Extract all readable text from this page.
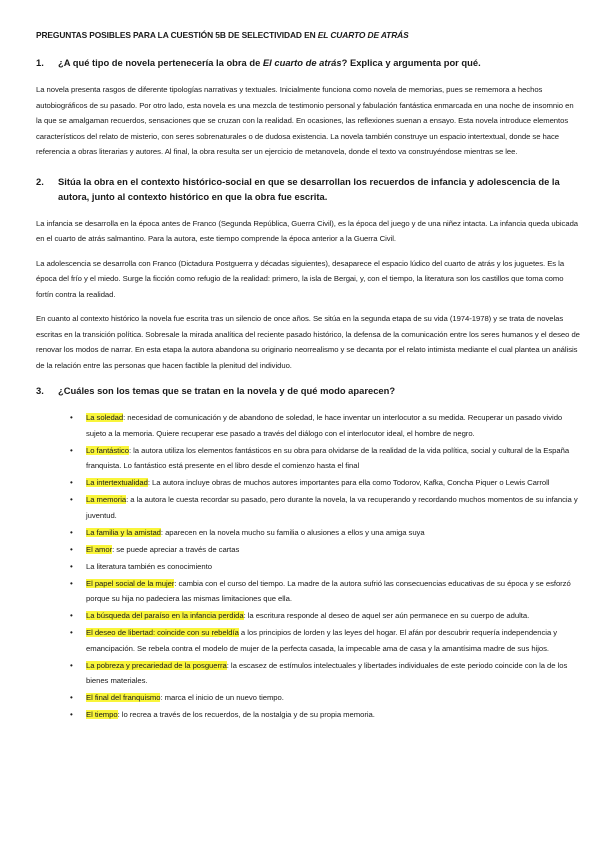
PREGUNTAS POSIBLES PARA LA CUESTIÓN 5B DE SELECTIVIDAD EN EL CUARTO DE ATRÁS
1.	¿A qué tipo de novela pertenecería la obra de El cuarto de atrás? Explica y argumenta por qué.

La novela presenta rasgos de diferente tipologías narrativas y textuales. Inicialmente funciona como novela de memorias, pues se rememora a hechos autobiográficos de su pasado. Por otro lado, esta novela es una mezcla de testimonio personal y fabulación fantástica enmarcada en una noche de insomnio en la que se amalgaman recuerdos, sensaciones que se cruzan con la realidad. En ocasiones, las reflexiones suenan a ensayo. Esta novela introduce elementos característicos del relato de misterio, con seres sobrenaturales o de dudosa existencia. La novela también construye un espacio intertextual, donde se hace referencia a obras literarias y autores. Al final, la obra resulta ser un ejercicio de metanovela, donde el texto va construyéndose mientras se lee.

2.	Sitúa la obra en el contexto histórico-social en que se desarrollan los recuerdos de infancia y adolescencia de la autora, junto al contexto histórico en que la obra fue escrita.

La infancia se desarrolla en la época antes de Franco (Segunda República, Guerra Civil), es la época del juego y de una niñez intacta. La infancia queda ubicada en el cuarto de atrás salmantino. Para la autora, este tiempo comprende la época anterior a la Guerra Civil.

La adolescencia se desarrolla con Franco (Dictadura Postguerra y décadas siguientes), desaparece el espacio lúdico del cuarto de atrás y los juguetes. Es la época del frío y el miedo. Surge la ficción como refugio de la realidad: primero, la isla de Bergai, y, con el tiempo, la literatura son los castillos que toma como fortín contra la realidad.

En cuanto al contexto histórico la novela fue escrita tras un silencio de once años. Se sitúa en la segunda etapa de su vida (1974-1978) y se trata de novelas escritas en la transición política. Sobresale la mirada analítica del reciente pasado histórico, la defensa de la comunicación entre los seres humanos y el deseo de renovar los modos de narrar. En esta etapa la autora abandona su originario neorrealismo y se decanta por el relato intimista mediante el cual plantea un análisis de la relación entre las personas que hacen factible la plenitud del individuo.

3.	¿Cuáles son los temas que se tratan en la novela y de qué modo aparecen?
• La soledad: necesidad de comunicación y de abandono de soledad, le hace inventar un interlocutor a su medida. Recuperar un pasado vivido sujeto a la memoria. Quiere recuperar ese pasado a través del diálogo con el interlocutor ideal, el hombre de negro.
• Lo fantástico: la autora utiliza los elementos fantásticos en su obra para olvidarse de la realidad de la vida política, social y cultural de la España franquista. Lo fantástico está presente en el libro desde el comienzo hasta el final
• La intertextualidad: La autora incluye obras de muchos autores importantes para ella como Todorov, Kafka, Concha Piquer o Lewis Carroll
• La memoria: a la autora le cuesta recordar su pasado, pero durante la novela, la va recuperando y recordando muchos momentos de su infancia y juventud.
• La familia y la amistad: aparecen en la novela mucho su familia o alusiones a ellos y una amiga suya
• El amor: se puede apreciar a través de cartas
• La literatura también es conocimiento
• El papel social de la mujer: cambia con el curso del tiempo. La madre de la autora sufrió las consecuencias educativas de su época y se esforzó porque su hija no padeciera las mismas limitaciones que ella.
• La búsqueda del paraíso en la infancia perdida: la escritura responde al deseo de aquel ser aún permanece en su cuerpo de adulta.
• El deseo de libertad: coincide con su rebeldía a los principios de lorden y las leyes del hogar. El afán por descubrir requería independencia y emancipación. Se rebela contra el modelo de mujer de la perfecta casada, la impecable ama de casa y la amantísima madre de sus hijos.
• La pobreza y precariedad de la posguerra: la escasez de estímulos intelectuales y libertades individuales de este periodo coincide con la de los bienes materiales.
• El final del franquismo: marca el inicio de un nuevo tiempo.
• El tiempo: lo recrea a través de los recuerdos, de la nostalgia y de su propia memoria.
